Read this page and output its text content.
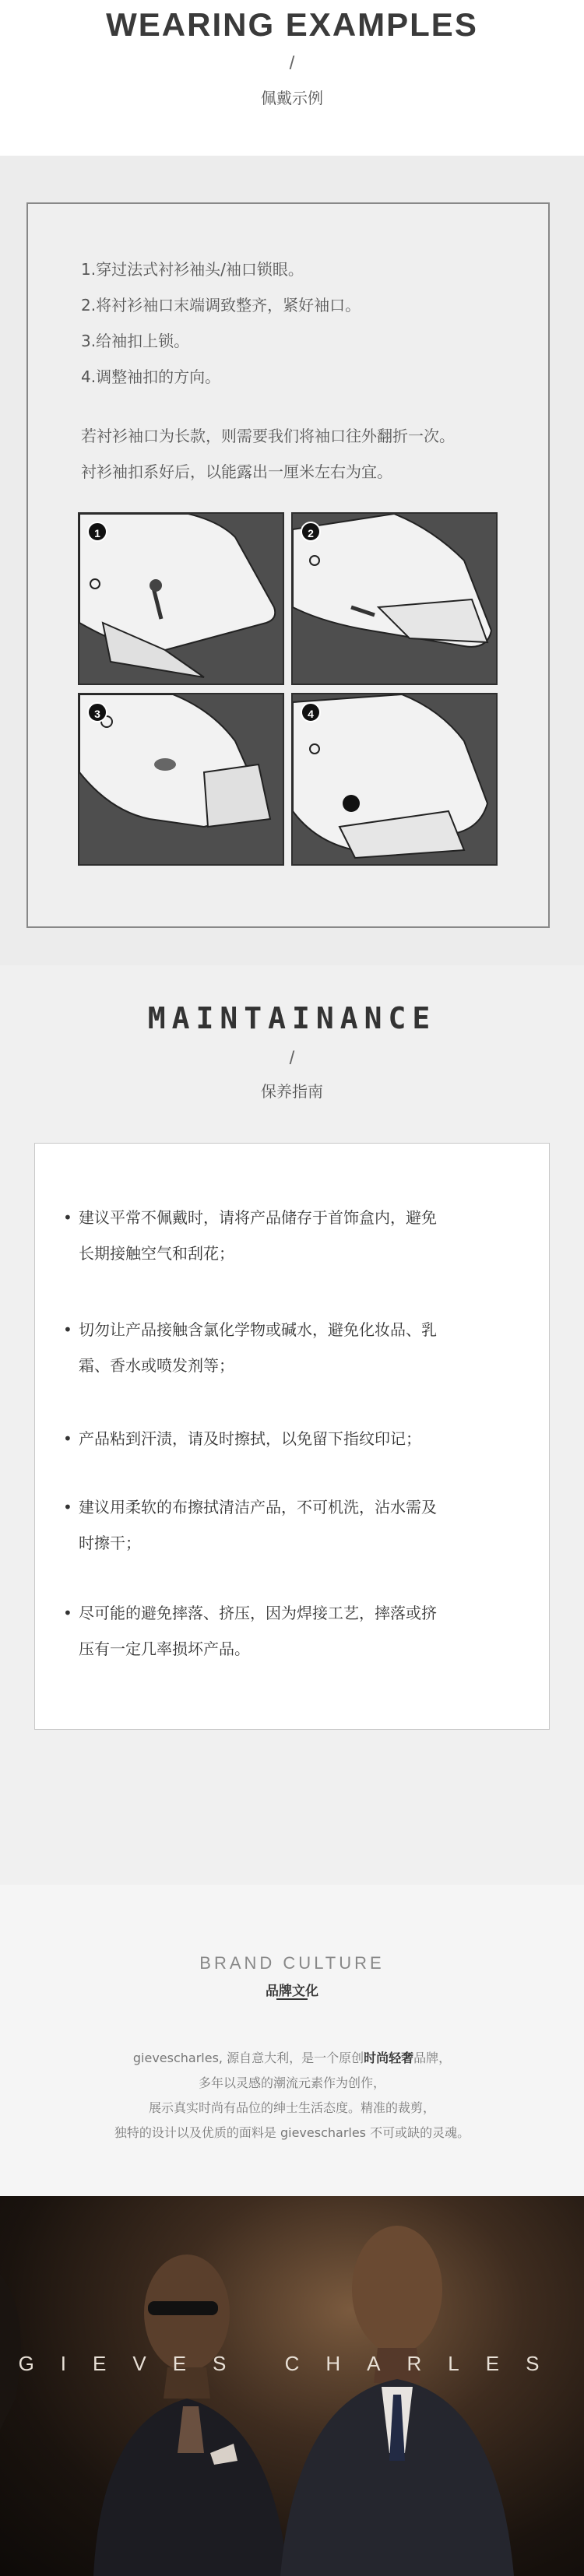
WEARING EXAMPLES
/
佩戴示例
1.穿过法式衬衫袖头/袖口锁眼。
2.将衬衫袖口末端调致整齐，紧好袖口。
3.给袖扣上锁。
4.调整袖扣的方向。
若衬衫袖口为长款，则需要我们将袖口往外翻折一次。
衬衫袖扣系好后，以能露出一厘米左右为宜。
1	2
3	4
MAINTAINANCE
/
保养指南
• 建议平常不佩戴时，请将产品储存于首饰盒内，避免
长期接触空气和刮花；
• 切勿让产品接触含氯化学物或碱水，避免化妆品、乳
霜、香水或喷发剂等；
• 产品粘到汗渍，请及时擦拭，以免留下指纹印记；
• 建议用柔软的布擦拭清洁产品，不可机洗，沾水需及
时擦干；
• 尽可能的避免摔落、挤压，因为焊接工艺，摔落或挤
压有一定几率损坏产品。
BRAND CULTURE
品牌文化
gievescharles, 源自意大利，是一个原创时尚轻奢品牌，
多年以灵感的潮流元素作为创作，
展示真实时尚有品位的绅士生活态度。精准的裁剪，
独特的设计以及优质的面料是 gievescharles 不可或缺的灵魂。
GIEVES CHARLES
